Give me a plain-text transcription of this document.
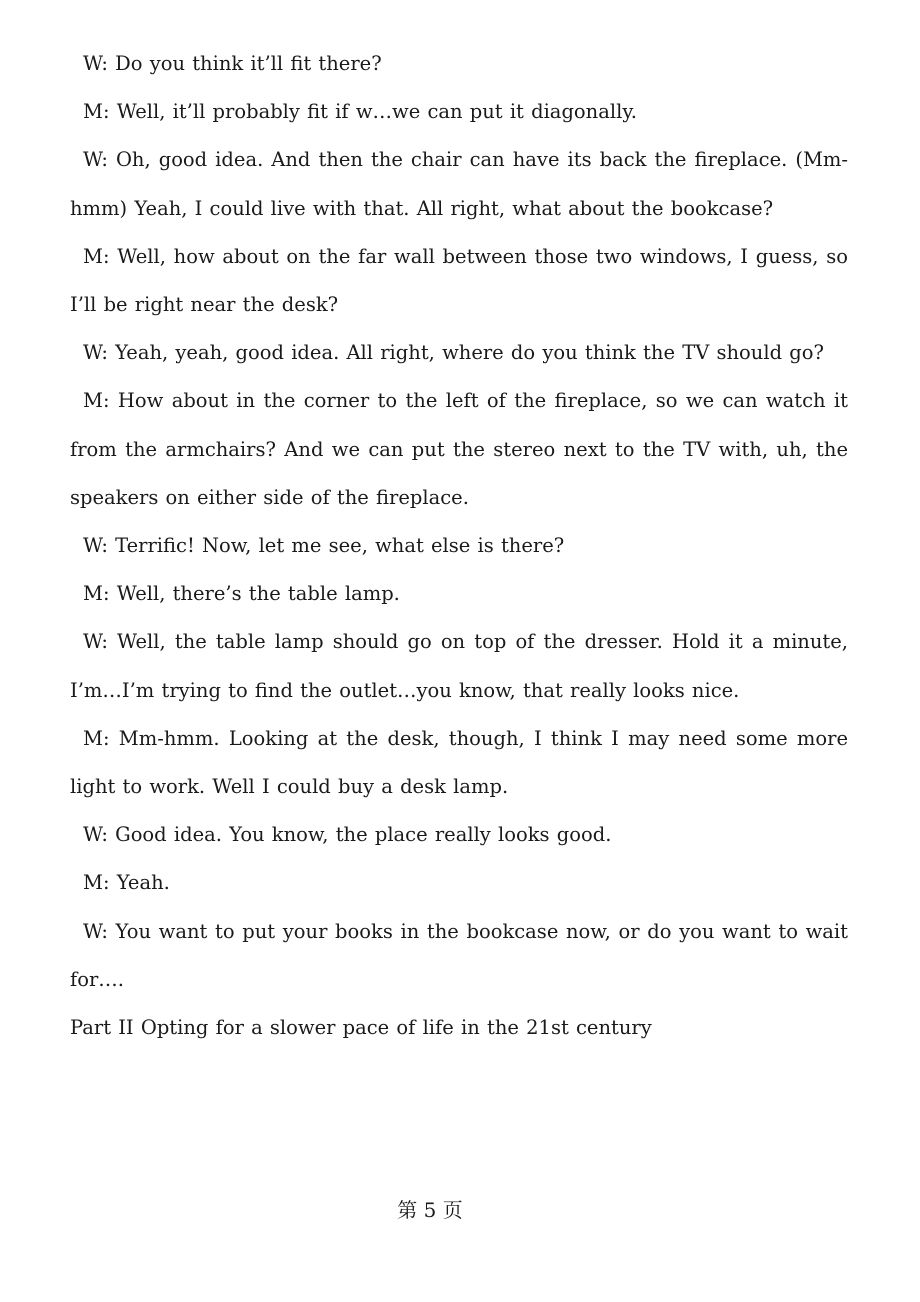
W: Do you think it’ll fit there?

M: Well, it’ll probably fit if w…we can put it diagonally.

W: Oh, good idea. And then the chair can have its back the fireplace. (Mm-hmm) Yeah, I could live with that. All right, what about the bookcase?

M: Well, how about on the far wall between those two windows, I guess, so I’ll be right near the desk?

W: Yeah, yeah, good idea. All right, where do you think the TV should go?

M: How about in the corner to the left of the fireplace, so we can watch it from the armchairs? And we can put the stereo next to the TV with, uh, the speakers on either side of the fireplace.

W: Terrific! Now, let me see, what else is there?

M: Well, there’s the table lamp.

W: Well, the table lamp should go on top of the dresser. Hold it a minute, I’m…I’m trying to find the outlet…you know, that really looks nice.

M: Mm-hmm. Looking at the desk, though, I think I may need some more light to work. Well I could buy a desk lamp.

W: Good idea. You know, the place really looks good.

M: Yeah.

W: You want to put your books in the bookcase now, or do you want to wait for….

Part II Opting for a slower pace of life in the 21st century

第 5 页
